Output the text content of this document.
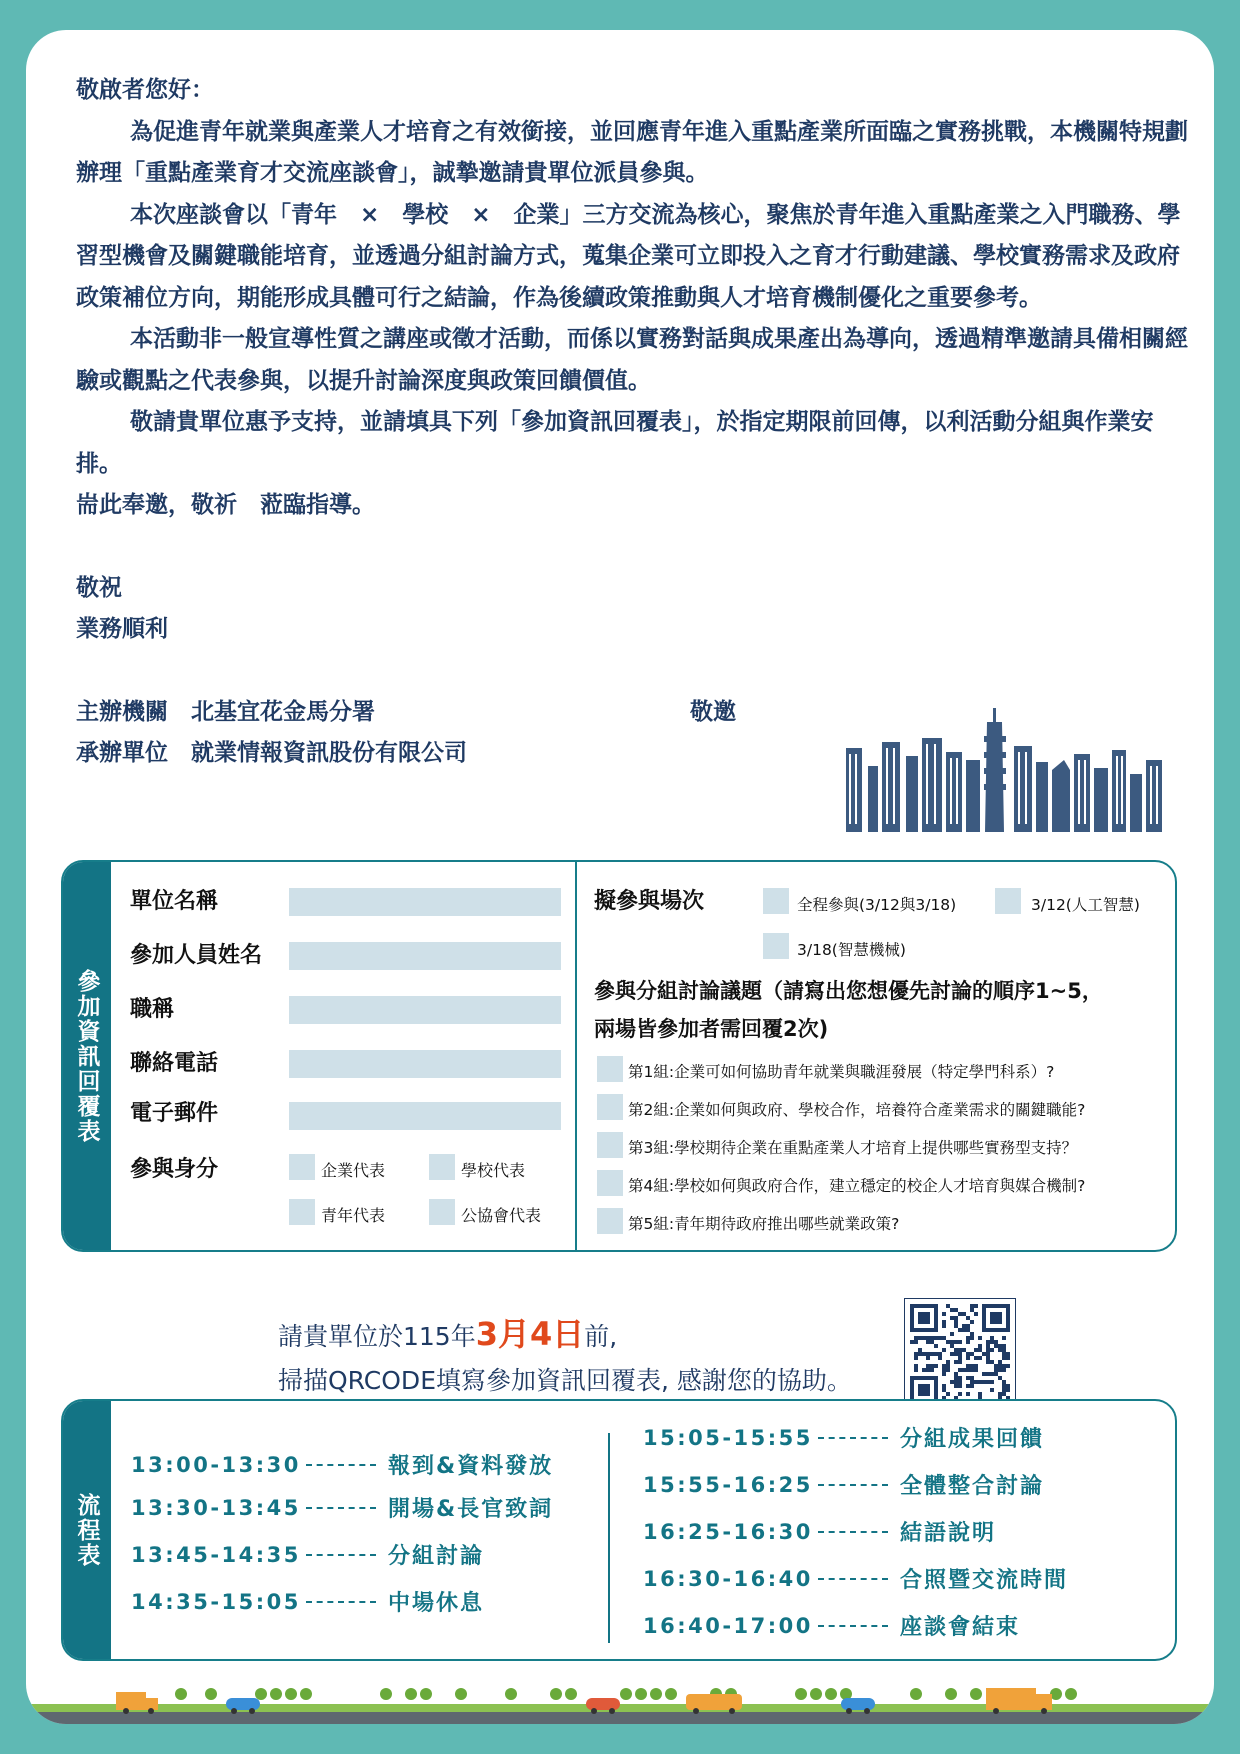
敬啟者您好：

為促進青年就業與產業人才培育之有效銜接，並回應青年進入重點產業所面臨之實務挑戰，本機關特規劃辦理「重點產業育才交流座談會」，誠摯邀請貴單位派員參與。

本次座談會以「青年　×　學校　×　企業」三方交流為核心，聚焦於青年進入重點產業之入門職務、學習型機會及關鍵職能培育，並透過分組討論方式，蒐集企業可立即投入之育才行動建議、學校實務需求及政府政策補位方向，期能形成具體可行之結論，作為後續政策推動與人才培育機制優化之重要參考。

本活動非一般宣導性質之講座或徵才活動，而係以實務對話與成果產出為導向，透過精準邀請具備相關經驗或觀點之代表參與，以提升討論深度與政策回饋價值。

敬請貴單位惠予支持，並請填具下列「參加資訊回覆表」，於指定期限前回傳，以利活動分組與作業安排。

耑此奉邀，敬祈　蒞臨指導。

敬祝

業務順利

主辦機關　北基宜花金馬分署	敬邀
承辦單位　就業情報資訊股份有限公司
參加資訊回覆表
單位名稱
參加人員姓名
職稱
聯絡電話
電子郵件
參與身分	企業代表	學校代表
青年代表	公協會代表
擬參與場次	全程參與(3/12與3/18)	3/12(人工智慧)
3/18(智慧機械)
參與分組討論議題（請寫出您想優先討論的順序1~5，
兩場皆參加者需回覆2次)
第1組:企業可如何協助青年就業與職涯發展（特定學門科系）?
第2組:企業如何與政府、學校合作，培養符合產業需求的關鍵職能?
第3組:學校期待企業在重點產業人才培育上提供哪些實務型支持？
第4組:學校如何與政府合作，建立穩定的校企人才培育與媒合機制?
第5組:青年期待政府推出哪些就業政策?
請貴單位於115年3月4日前,
掃描QRCODE填寫參加資訊回覆表, 感謝您的協助。
流程表
13:00-13:30	報到&資料發放
13:30-13:45	開場&長官致詞
13:45-14:35	分組討論
14:35-15:05	中場休息
15:05-15:55	分組成果回饋
15:55-16:25	全體整合討論
16:25-16:30	結語說明
16:30-16:40	合照暨交流時間
16:40-17:00	座談會結束
